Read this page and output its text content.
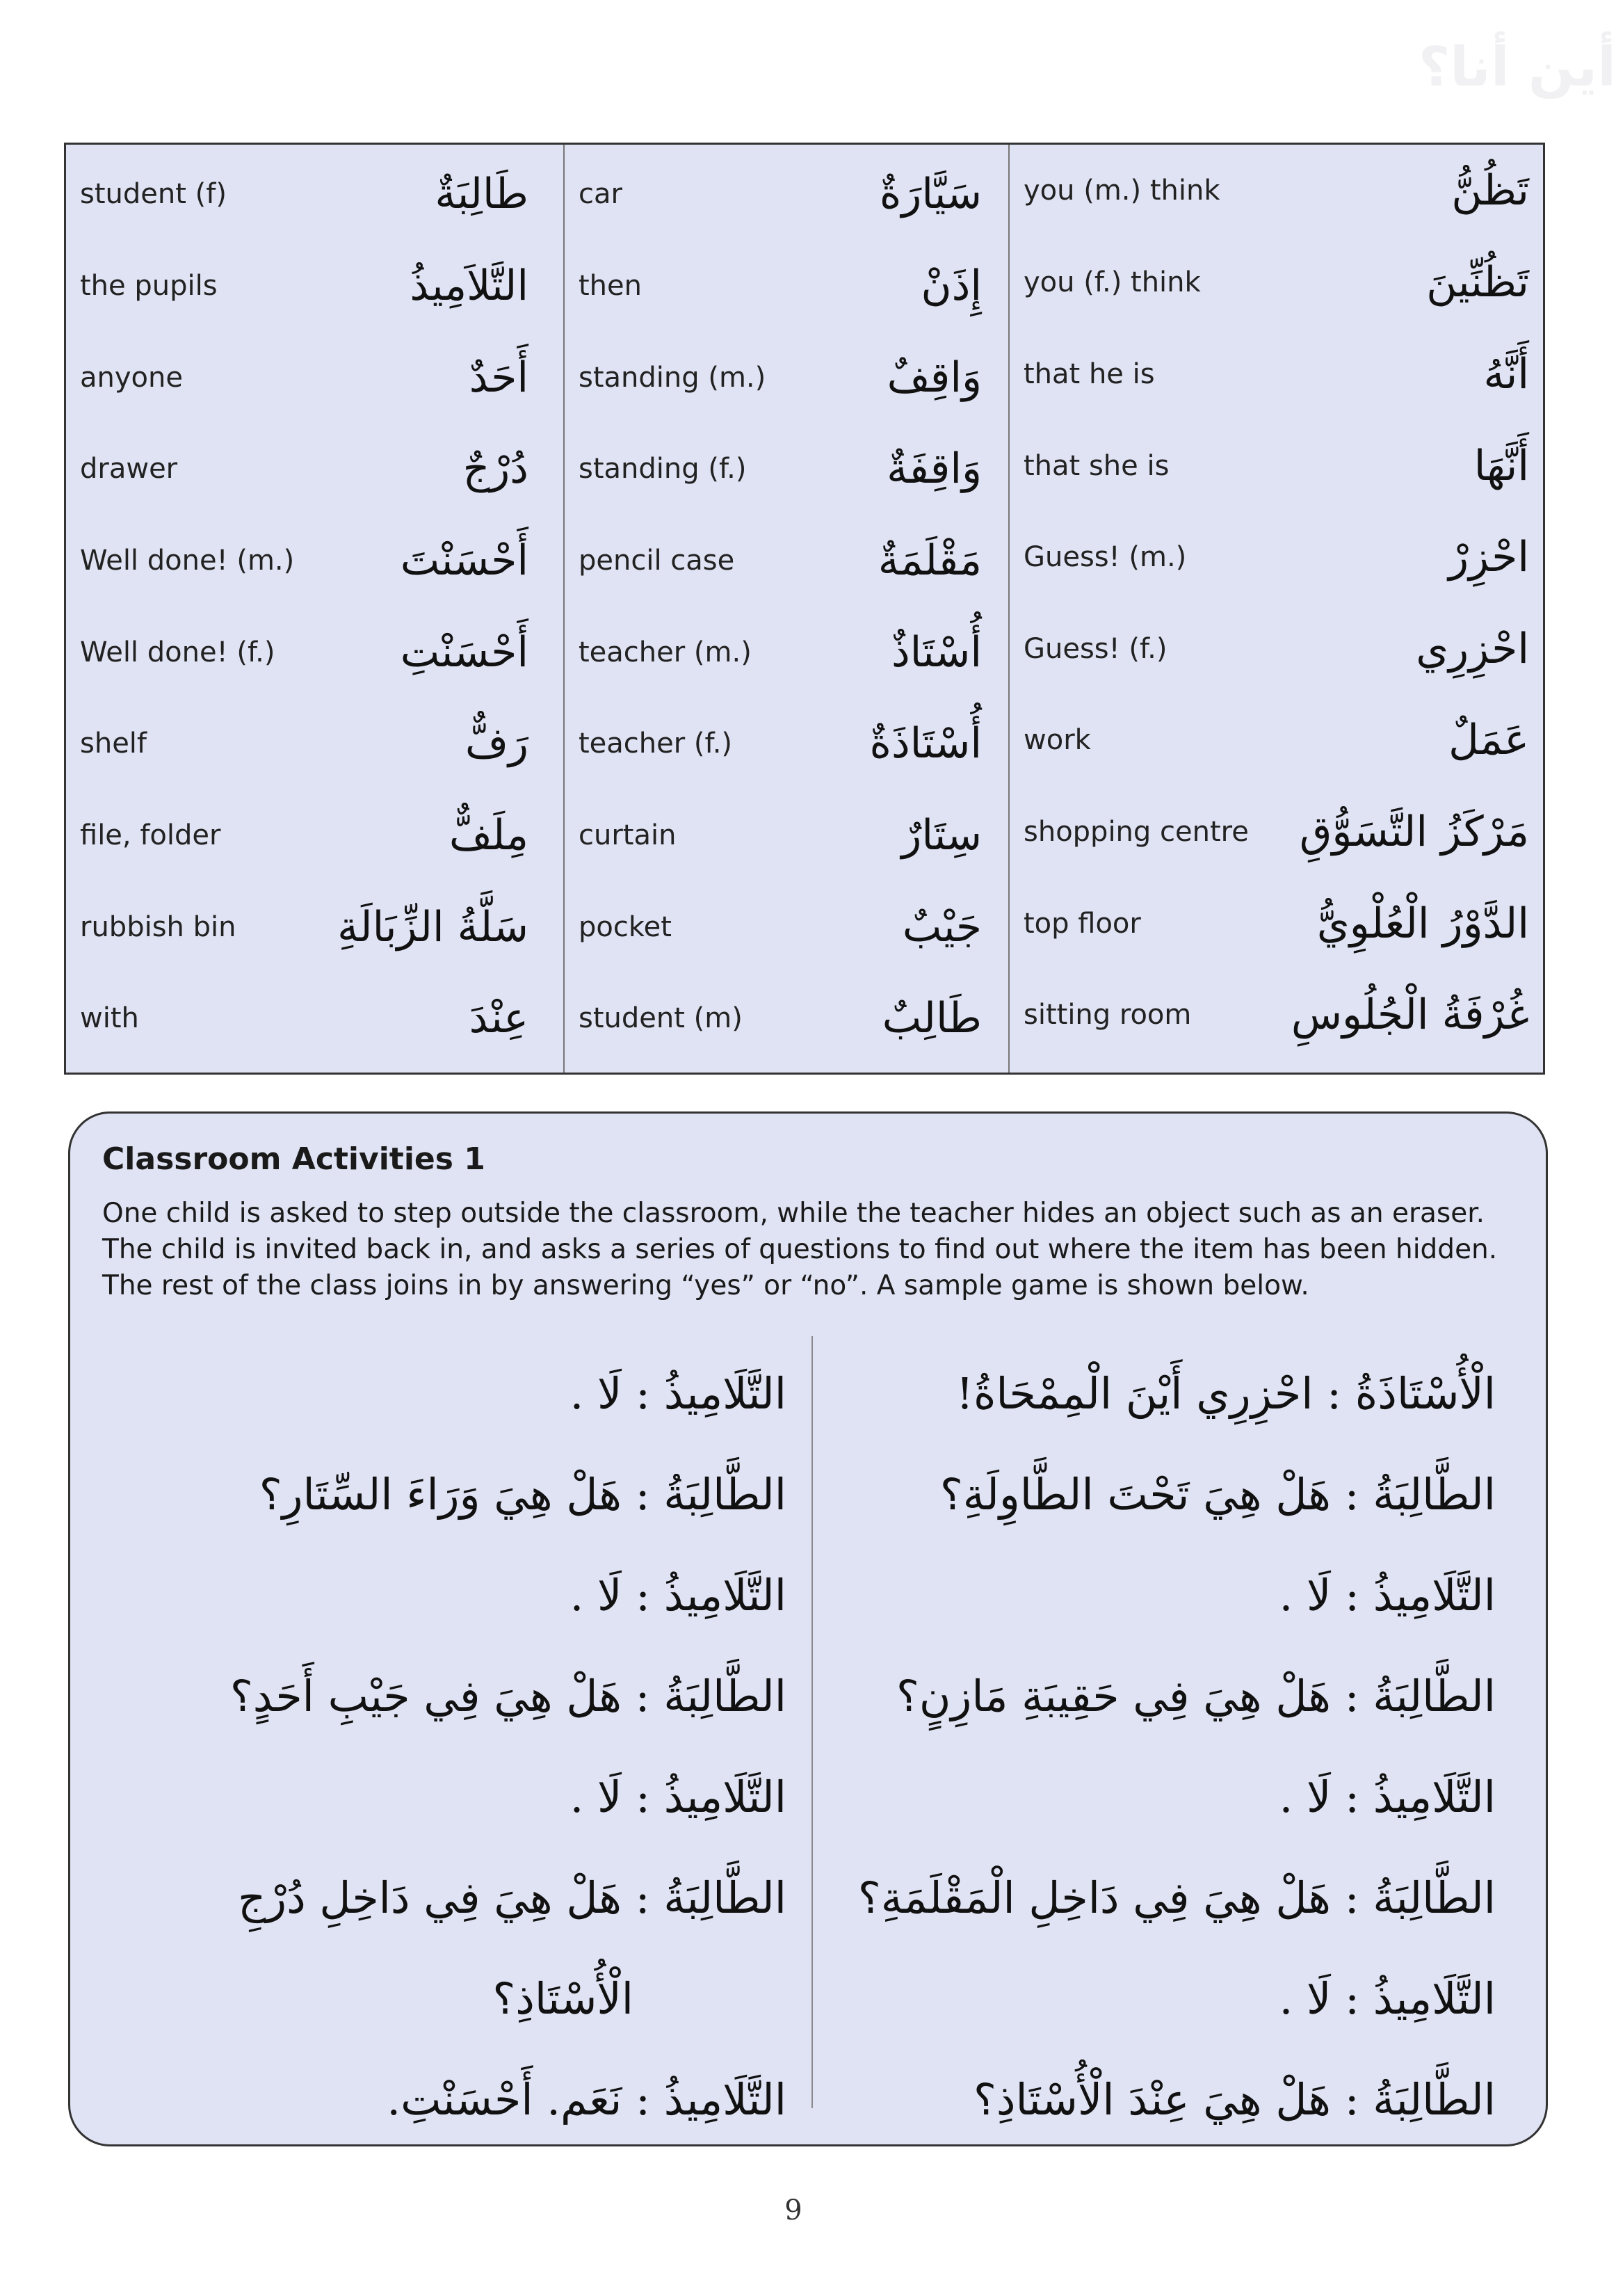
أين أنا؟
student (f)	طَالِبَةٌ
the pupils	التَّلاَمِيذُ
anyone	أَحَدٌ
drawer	دُرْجٌ
Well done! (m.)	أَحْسَنْتَ
Well done! (f.)	أَحْسَنْتِ
shelf	رَفٌّ
file, folder	مِلَفٌّ
rubbish bin سَلَّةُ الزِّبَالَةِ
with	عِنْدَ
car	سَيَّارَةٌ
then	إِذَنْ
standing (m.)	وَاقِفٌ
standing (f.)	وَاقِفَةٌ
pencil case	مَقْلَمَةٌ
teacher (m.)	أُسْتَاذٌ
teacher (f.)	أُسْتَاذَةٌ
curtain	سِتَارٌ
pocket	جَيْبٌ
student (m)	طَالِبٌ
you (m.) think	تَظُنُّ
you (f.) think	تَظُنِّينَ
that he is	أَنَّهُ
that she is	أَنَّهَا
Guess! (m.)	احْزِرْ
Guess! (f.)	احْزِرِي
work	عَمَلٌ
shopping centre مَرْكَزُ التَّسَوُّقِ
top floor	الدَّوْرُ الْعُلْوِيُّ
sitting room غُرْفَةُ الْجُلُوسِ
Classroom Activities 1
One child is asked to step outside the classroom, while the teacher hides an object such as an eraser. The child is invited back in, and asks a series of questions to find out where the item has been hidden. The rest of the class joins in by answering “yes” or “no”. A sample game is shown below.
الْأُسْتَاذَةُ : احْزِرِي أَيْنَ الْمِمْحَاةُ!
الطَّالِبَةُ : هَلْ هِيَ تَحْتَ الطَّاوِلَةِ؟
التَّلَامِيذُ : لَا .
الطَّالِبَةُ : هَلْ هِيَ فِي حَقِيبَةِ مَازِنٍ؟
التَّلَامِيذُ : لَا .
الطَّالِبَةُ : هَلْ هِيَ فِي دَاخِلِ الْمَقْلَمَةِ؟
التَّلَامِيذُ : لَا .
الطَّالِبَةُ : هَلْ هِيَ عِنْدَ الْأُسْتَاذِ؟
التَّلَامِيذُ : لَا .
الطَّالِبَةُ : هَلْ هِيَ وَرَاءَ السِّتَارِ؟
التَّلَامِيذُ : لَا .
الطَّالِبَةُ : هَلْ هِيَ فِي جَيْبِ أَحَدٍ؟
التَّلَامِيذُ : لَا .
الطَّالِبَةُ : هَلْ هِيَ فِي دَاخِلِ دُرْجِ
الْأُسْتَاذِ؟
التَّلَامِيذُ : نَعَم. أَحْسَنْتِ.
9
